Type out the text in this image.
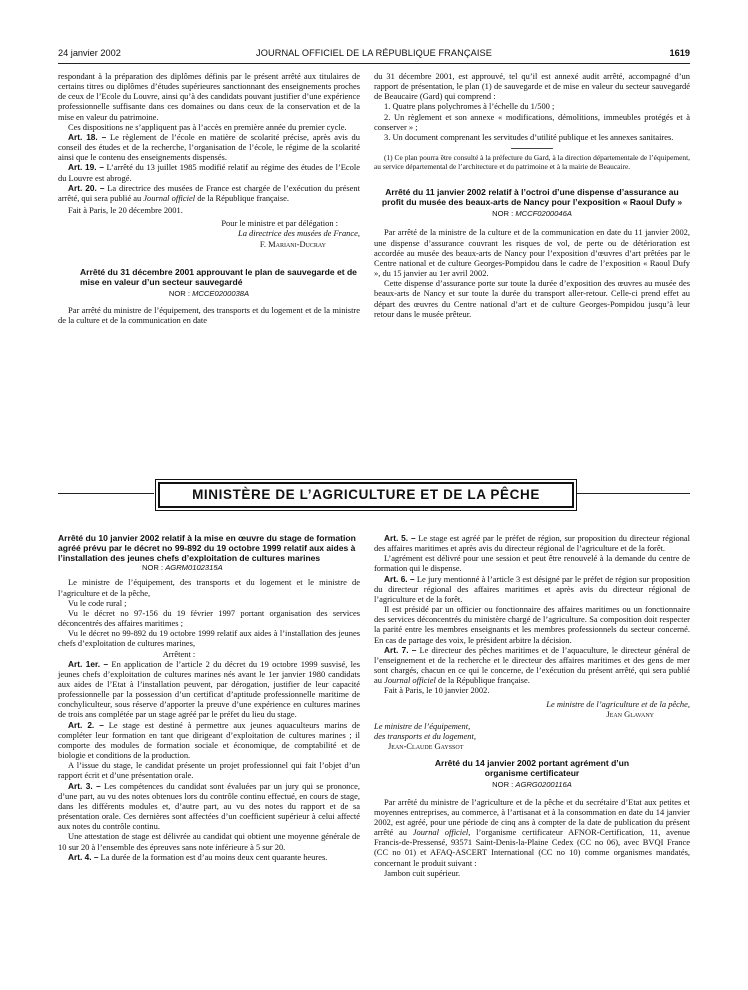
24 janvier 2002	JOURNAL OFFICIEL DE LA RÉPUBLIQUE FRANÇAISE	1619

respondant à la préparation des diplômes définis par le présent arrêté aux titulaires de certains titres ou diplômes d’études supérieures sanctionnant des enseignements proches de ceux de l’Ecole du Louvre, ainsi qu’à des candidats pouvant justifier d’une expérience professionnelle suffisante dans ces domaines ou dans ceux de la conservation et de la mise en valeur du patrimoine.

Ces dispositions ne s’appliquent pas à l’accès en première année du premier cycle.

Art. 18. – Le règlement de l’école en matière de scolarité précise, après avis du conseil des études et de la recherche, l’organisation de l’école, le régime de la scolarité ainsi que le contenu des enseignements dispensés.

Art. 19. – L’arrêté du 13 juillet 1985 modifié relatif au régime des études de l’Ecole du Louvre est abrogé.

Art. 20. – La directrice des musées de France est chargée de l’exécution du présent arrêté, qui sera publié au Journal officiel de la République française.

Fait à Paris, le 20 décembre 2001.

Pour le ministre et par délégation :

La directrice des musées de France,

F. Mariani-Ducray

Arrêté du 31 décembre 2001 approuvant le plan de sauvegarde et de mise en valeur d’un secteur sauvegardé
NOR : MCCE0200038A

Par arrêté du ministre de l’équipement, des transports et du logement et de la ministre de la culture et de la communication en date

du 31 décembre 2001, est approuvé, tel qu’il est annexé audit arrêté, accompagné d’un rapport de présentation, le plan (1) de sauvegarde et de mise en valeur du secteur sauvegardé de Beaucaire (Gard) qui comprend :

1. Quatre plans polychromes à l’échelle du 1/500 ;

2. Un règlement et son annexe « modifications, démolitions, immeubles protégés et à conserver » ;

3. Un document comprenant les servitudes d’utilité publique et les annexes sanitaires.

(1) Ce plan pourra être consulté à la préfecture du Gard, à la direction départementale de l’équipement, au service départemental de l’architecture et du patrimoine et à la mairie de Beaucaire.

Arrêté du 11 janvier 2002 relatif à l’octroi d’une dispense d’assurance au profit du musée des beaux-arts de Nancy pour l’exposition « Raoul Dufy »
NOR : MCCF0200046A

Par arrêté de la ministre de la culture et de la communication en date du 11 janvier 2002, une dispense d’assurance couvrant les risques de vol, de perte ou de détérioration est accordée au musée des beaux-arts de Nancy pour l’exposition d’œuvres d’art prêtées par le Centre national et de culture Georges-Pompidou dans le cadre de l’exposition « Raoul Dufy », du 15 janvier au 1er avril 2002.

Cette dispense d’assurance porte sur toute la durée d’exposition des œuvres au musée des beaux-arts de Nancy et sur toute la durée du transport aller-retour. Celle-ci prend effet au départ des œuvres du Centre national d’art et de culture Georges-Pompidou jusqu’à leur retour dans le musée prêteur.

MINISTÈRE DE L’AGRICULTURE ET DE LA PÊCHE
Arrêté du 10 janvier 2002 relatif à la mise en œuvre du stage de formation agréé prévu par le décret no 99-892 du 19 octobre 1999 relatif aux aides à l’installation des jeunes chefs d’exploitation de cultures marines
NOR : AGRM0102315A

Le ministre de l’équipement, des transports et du logement et le ministre de l’agriculture et de la pêche,

Vu le code rural ;

Vu le décret no 97-156 du 19 février 1997 portant organisation des services déconcentrés des affaires maritimes ;

Vu le décret no 99-892 du 19 octobre 1999 relatif aux aides à l’installation des jeunes chefs d’exploitation de cultures marines,

Arrêtent :

Art. 1er. – En application de l’article 2 du décret du 19 octobre 1999 susvisé, les jeunes chefs d’exploitation de cultures marines nés avant le 1er janvier 1980 candidats aux aides de l’Etat à l’installation peuvent, par dérogation, justifier de leur capacité professionnelle par la possession d’un certificat d’aptitude professionnelle maritime de conchyliculteur, sous réserve d’apporter la preuve d’une expérience en cultures marines de trois ans complétée par un stage agréé par le préfet du lieu du stage.

Art. 2. – Le stage est destiné à permettre aux jeunes aquaculteurs marins de compléter leur formation en tant que dirigeant d’exploitation de cultures marines ; il comporte des modules de formation sociale et économique, de comptabilité et de biologie et conditions de la production.

A l’issue du stage, le candidat présente un projet professionnel qui fait l’objet d’un rapport écrit et d’une présentation orale.

Art. 3. – Les compétences du candidat sont évaluées par un jury qui se prononce, d’une part, au vu des notes obtenues lors du contrôle continu effectué, en cours de stage, dans les différents modules et, d’autre part, au vu des notes du rapport et de sa présentation orale. Ces dernières sont affectées d’un coefficient supérieur à celui affecté aux notes du contrôle continu.

Une attestation de stage est délivrée au candidat qui obtient une moyenne générale de 10 sur 20 à l’ensemble des épreuves sans note inférieure à 5 sur 20.

Art. 4. – La durée de la formation est d’au moins deux cent quarante heures.

Art. 5. – Le stage est agréé par le préfet de région, sur proposition du directeur régional des affaires maritimes et après avis du directeur régional de l’agriculture et de la forêt.

L’agrément est délivré pour une session et peut être renouvelé à la demande du centre de formation qui le dispense.

Art. 6. – Le jury mentionné à l’article 3 est désigné par le préfet de région sur proposition du directeur régional des affaires maritimes et après avis du directeur régional de l’agriculture et de la forêt.

Il est présidé par un officier ou fonctionnaire des affaires maritimes ou un fonctionnaire des services déconcentrés du ministère chargé de l’agriculture. Sa composition doit respecter la parité entre les membres enseignants et les membres professionnels du secteur concerné. En cas de partage des voix, le président arbitre la décision.

Art. 7. – Le directeur des pêches maritimes et de l’aquaculture, le directeur général de l’enseignement et de la recherche et le directeur des affaires maritimes et des gens de mer sont chargés, chacun en ce qui le concerne, de l’exécution du présent arrêté, qui sera publié au Journal officiel de la République française.

Fait à Paris, le 10 janvier 2002.

Le ministre de l’agriculture et de la pêche,

Jean Glavany

Le ministre de l’équipement,

des transports et du logement,

Jean-Claude Gayssot

Arrêté du 14 janvier 2002 portant agrément d’un organisme certificateur
NOR : AGRG0200116A

Par arrêté du ministre de l’agriculture et de la pêche et du secrétaire d’Etat aux petites et moyennes entreprises, au commerce, à l’artisanat et à la consommation en date du 14 janvier 2002, est agréé, pour une période de cinq ans à compter de la date de publication du présent arrêté au Journal officiel, l’organisme certificateur AFNOR-Certification, 11, avenue Francis-de-Pressensé, 93571 Saint-Denis-la-Plaine Cedex (CC no 06), avec BVQI France (CC no 01) et AFAQ-ASCERT International (CC no 10) comme organismes mandatés, concernant le produit suivant :

Jambon cuit supérieur.
